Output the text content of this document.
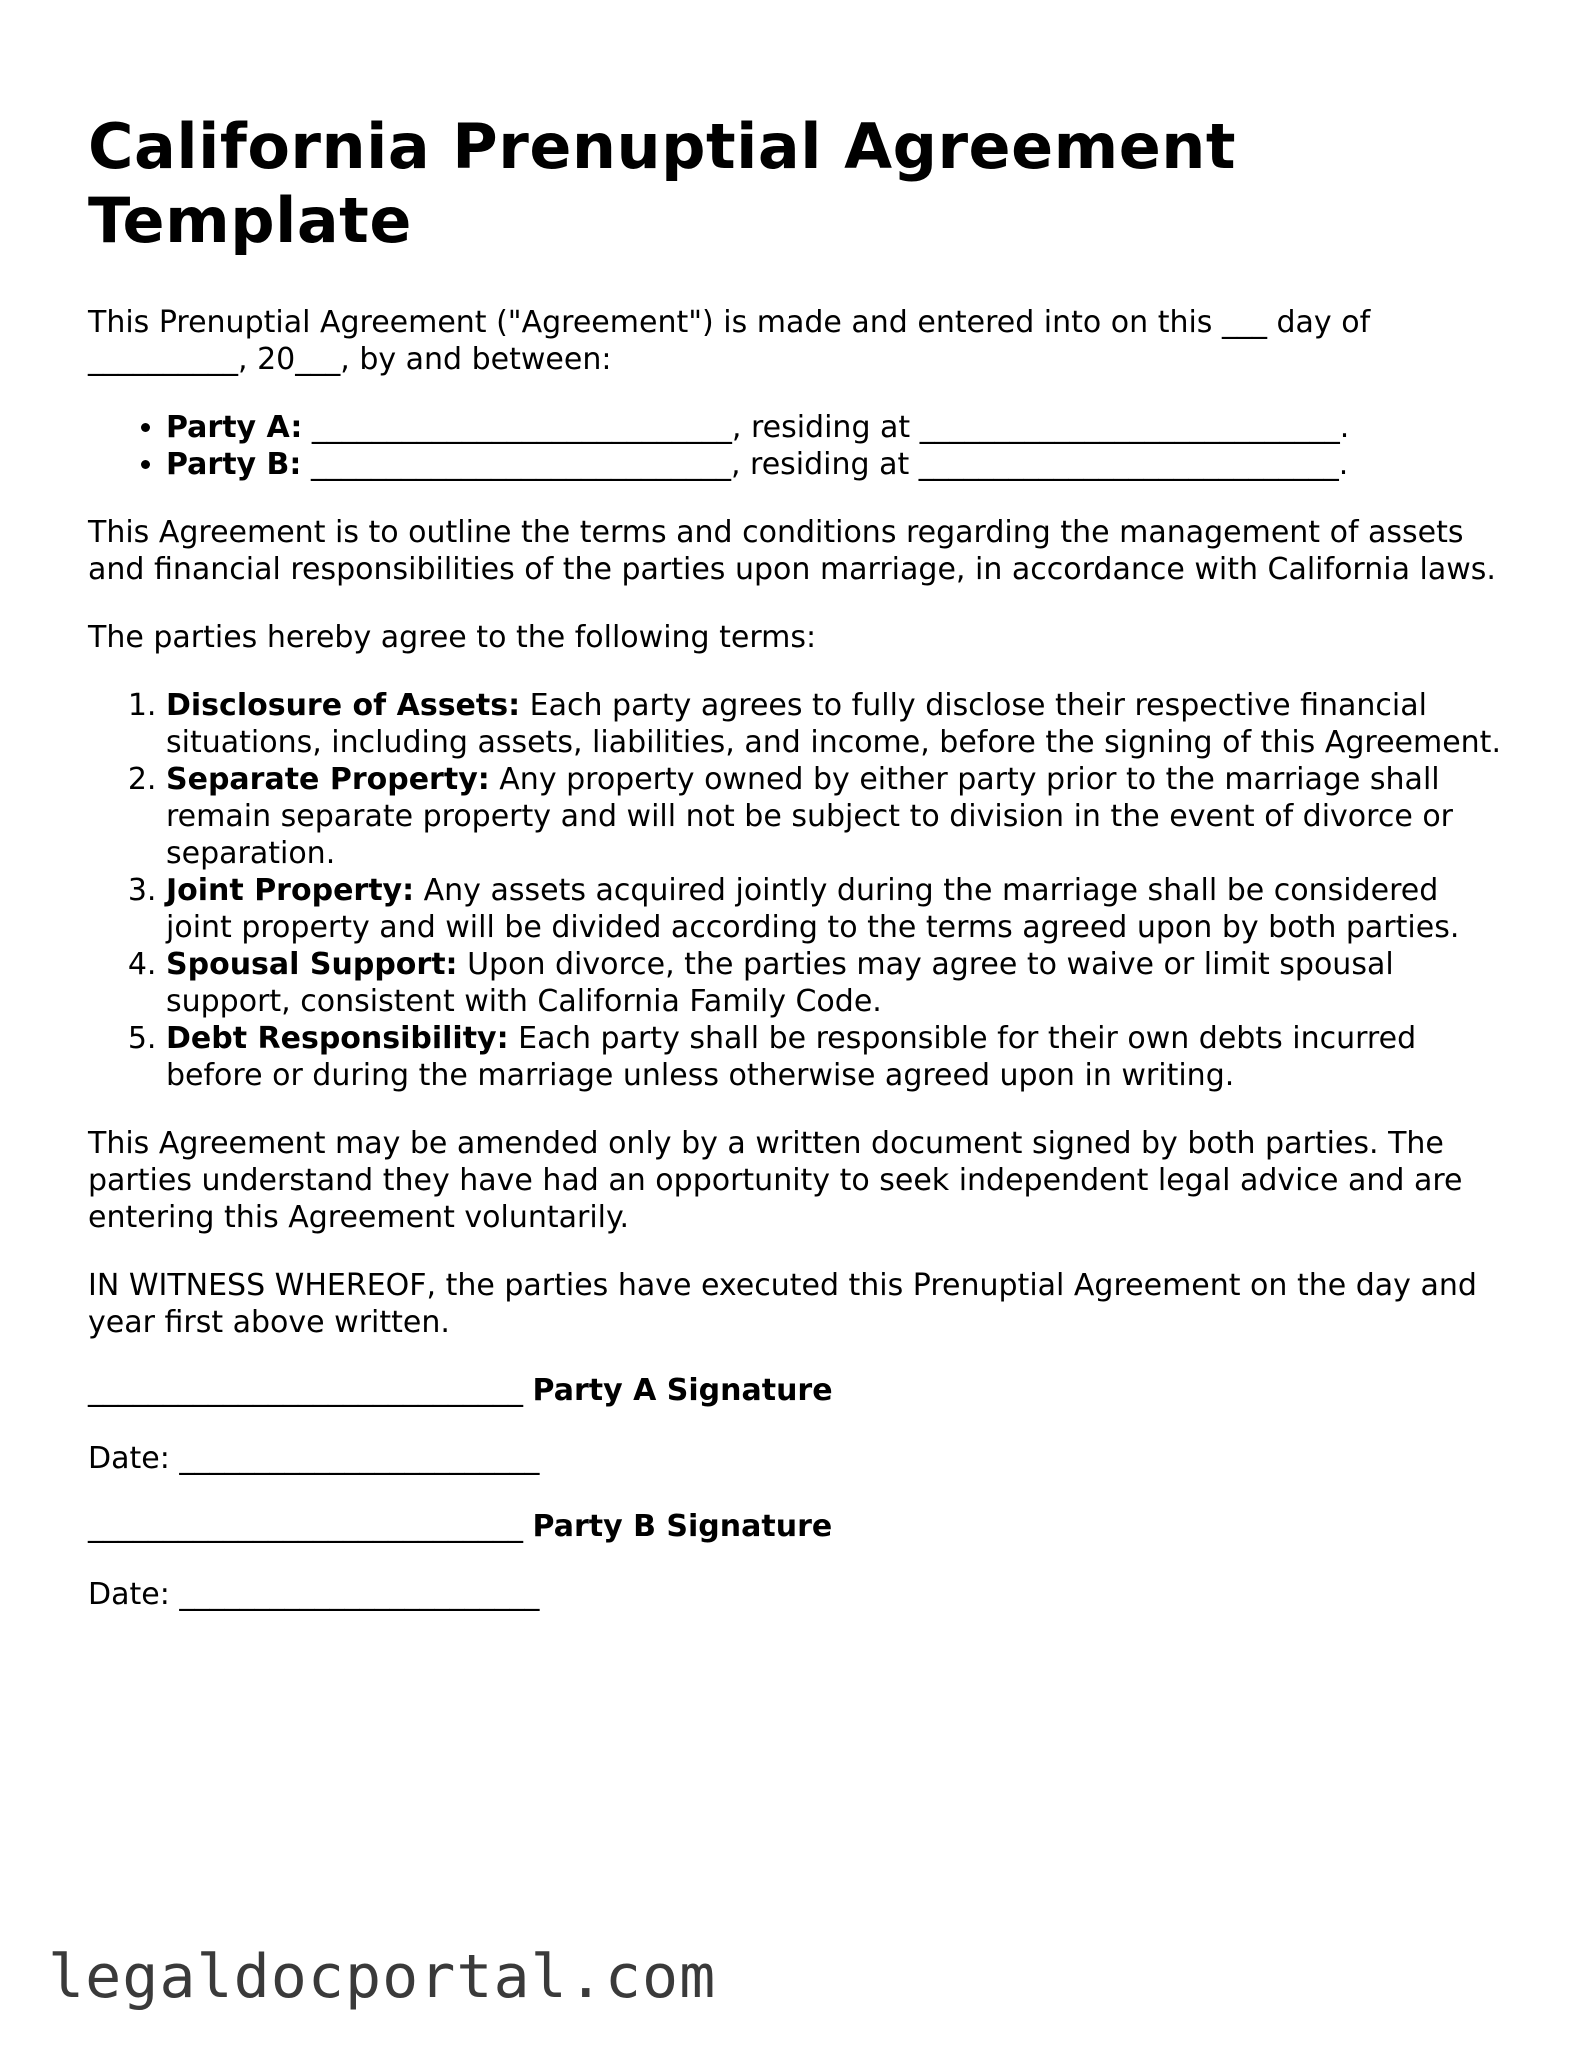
California Prenuptial Agreement Template

This Prenuptial Agreement ("Agreement") is made and entered into on this ___ day of __________, 20___, by and between:

• Party A: ____________________________, residing at ____________________________.
• Party B: ____________________________, residing at ____________________________.

This Agreement is to outline the terms and conditions regarding the management of assets and financial responsibilities of the parties upon marriage, in accordance with California laws.

The parties hereby agree to the following terms:

1. Disclosure of Assets: Each party agrees to fully disclose their respective financial situations, including assets, liabilities, and income, before the signing of this Agreement.
2. Separate Property: Any property owned by either party prior to the marriage shall remain separate property and will not be subject to division in the event of divorce or separation.
3. Joint Property: Any assets acquired jointly during the marriage shall be considered joint property and will be divided according to the terms agreed upon by both parties.
4. Spousal Support: Upon divorce, the parties may agree to waive or limit spousal support, consistent with California Family Code.
5. Debt Responsibility: Each party shall be responsible for their own debts incurred before or during the marriage unless otherwise agreed upon in writing.

This Agreement may be amended only by a written document signed by both parties. The parties understand they have had an opportunity to seek independent legal advice and are entering this Agreement voluntarily.

IN WITNESS WHEREOF, the parties have executed this Prenuptial Agreement on the day and year first above written.

_____________________________ Party A Signature
Date: ________________________
_____________________________ Party B Signature
Date: ________________________
legaldocportal.com
